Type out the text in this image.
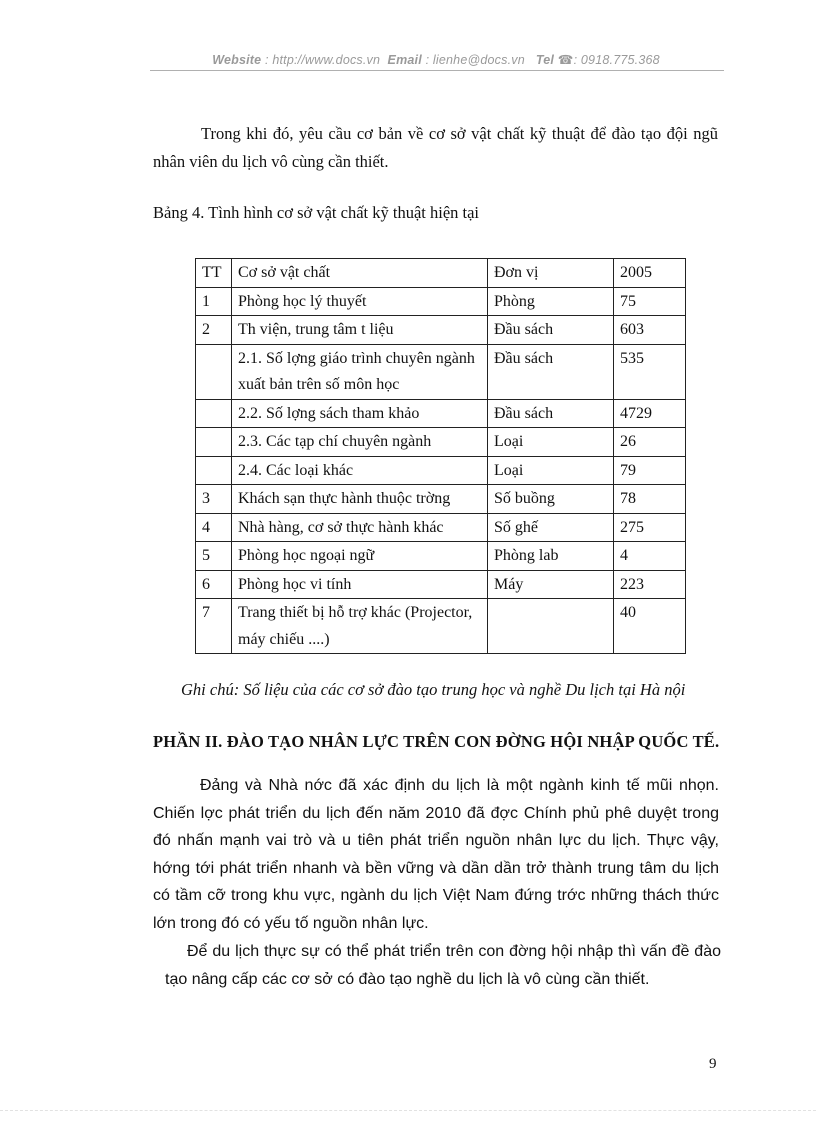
Website : http://www.docs.vn Email : lienhe@docs.vn Tel ☎: 0918.775.368
Trong khi đó, yêu cầu cơ bản về cơ sở vật chất kỹ thuật để đào tạo đội ngũ nhân viên du lịch vô cùng cần thiết.
Bảng 4. Tình hình cơ sở vật chất kỹ thuật hiện tại
TT	Cơ sở vật chất	Đơn vị	2005
1	Phòng học lý thuyết	Phòng	75
2	Th viện, trung tâm t liệu	Đầu sách	603
	2.1. Số lợng giáo trình chuyên ngành xuất bản trên số môn học	Đầu sách	535
	2.2. Số lợng sách tham khảo	Đầu sách	4729
	2.3. Các tạp chí chuyên ngành	Loại	26
	2.4. Các loại khác	Loại	79
3	Khách sạn thực hành thuộc trờng	Số buồng	78
4	Nhà hàng, cơ sở thực hành khác	Số ghế	275
5	Phòng học ngoại ngữ	Phòng lab	4
6	Phòng học vi tính	Máy	223
7	Trang thiết bị hỗ trợ khác (Projector, máy chiếu ....)		40
Ghi chú: Số liệu của các cơ sở đào tạo trung học và nghề Du lịch tại Hà nội
PHẦN II. ĐÀO TẠO NHÂN LỰC TRÊN CON ĐỜNG HỘI NHẬP QUỐC TẾ.
Đảng và Nhà nớc đã xác định du lịch là một ngành kinh tế mũi nhọn. Chiến lợc phát triển du lịch đến năm 2010 đã đợc Chính phủ phê duyệt trong đó nhấn mạnh vai trò và u tiên phát triển nguồn nhân lực du lịch. Thực vậy, hớng tới phát triển nhanh và bền vững và dần dần trở thành trung tâm du lịch có tầm cỡ trong khu vực, ngành du lịch Việt Nam đứng trớc những thách thức lớn trong đó có yếu tố nguồn nhân lực.
Để du lịch thực sự có thể phát triển trên con đờng hội nhập thì vấn đề đào tạo nâng cấp các cơ sở có đào tạo nghề du lịch là vô cùng cần thiết.
9
